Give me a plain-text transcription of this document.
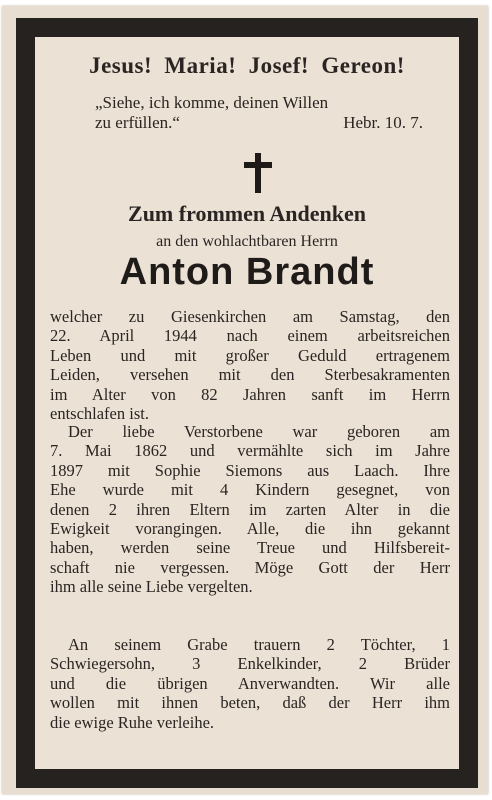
Jesus! Maria! Josef! Gereon!
„Siehe, ich komme, deinen Willen
zu erfüllen.“	Hebr. 10. 7.
Zum frommen Andenken
an den wohlachtbaren Herrn
Anton Brandt
welcher zu Giesenkirchen am Samstag, den
22. April 1944 nach einem arbeitsreichen
Leben und mit großer Geduld ertragenem
Leiden, versehen mit den Sterbesakramenten
im Alter von 82 Jahren sanft im Herrn
entschlafen ist.
Der liebe Verstorbene war geboren am
7. Mai 1862 und vermählte sich im Jahre
1897 mit Sophie Siemons aus Laach. Ihre
Ehe wurde mit 4 Kindern gesegnet, von
denen 2 ihren Eltern im zarten Alter in die
Ewigkeit vorangingen. Alle, die ihn gekannt
haben, werden seine Treue und Hilfsbereit-
schaft nie vergessen. Möge Gott der Herr
ihm alle seine Liebe vergelten.
An seinem Grabe trauern 2 Töchter, 1
Schwiegersohn, 3 Enkelkinder, 2 Brüder
und die übrigen Anverwandten. Wir alle
wollen mit ihnen beten, daß der Herr ihm
die ewige Ruhe verleihe.
